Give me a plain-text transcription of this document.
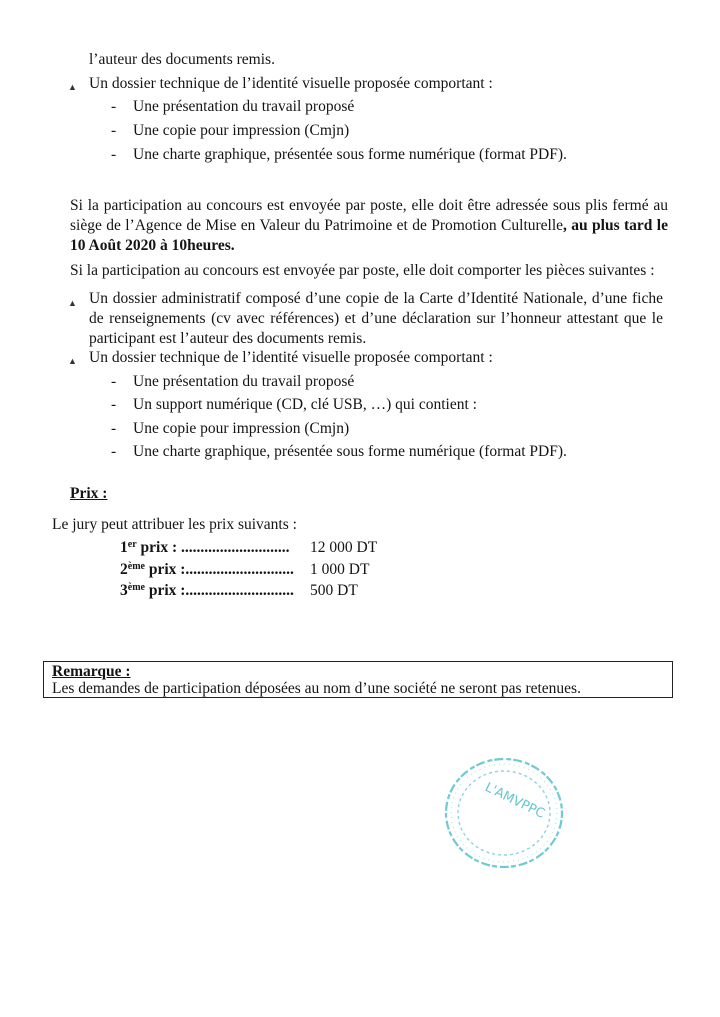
l’auteur des documents remis.
▲ Un dossier technique de l’identité visuelle proposée comportant :
- Une présentation du travail proposé
- Une copie pour impression (Cmjn)
- Une charte graphique, présentée sous forme numérique (format PDF).
Si la participation au concours est envoyée par poste, elle doit être adressée sous plis fermé au siège de l’Agence de Mise en Valeur du Patrimoine et de Promotion Culturelle, au plus tard le 10 Août 2020 à 10heures.
Si la participation au concours est envoyée par poste, elle doit comporter les pièces suivantes :
▲ Un dossier administratif composé d’une copie de la Carte d’Identité Nationale, d’une fiche de renseignements (cv avec références) et d’une déclaration sur l’honneur attestant que le participant est l’auteur des documents remis.
▲ Un dossier technique de l’identité visuelle proposée comportant :
- Une présentation du travail proposé
- Un support numérique (CD, clé USB, …) qui contient :
- Une copie pour impression (Cmjn)
- Une charte graphique, présentée sous forme numérique (format PDF).
Prix :
Le jury peut attribuer les prix suivants :
1er prix : ............................ 12 000 DT
2ème prix :............................ 1 000 DT
3ème prix :............................ 500 DT
Remarque :
Les demandes de participation déposées au nom d’une société ne seront pas retenues.
L'AMVPPC
